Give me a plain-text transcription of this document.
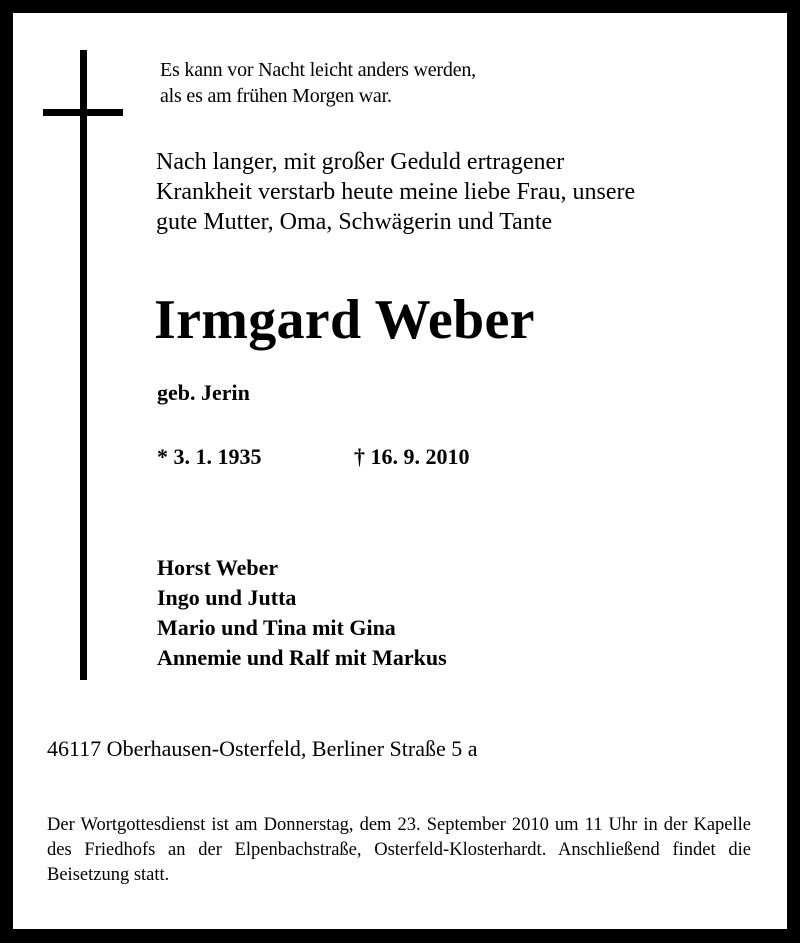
Es kann vor Nacht leicht anders werden,
als es am frühen Morgen war.
Nach langer, mit großer Geduld ertragener
Krankheit verstarb heute meine liebe Frau, unsere
gute Mutter, Oma, Schwägerin und Tante
Irmgard Weber
geb. Jerin
* 3. 1. 1935	† 16. 9. 2010
Horst Weber
Ingo und Jutta
Mario und Tina mit Gina
Annemie und Ralf mit Markus
46117 Oberhausen-Osterfeld, Berliner Straße 5 a
Der Wortgottesdienst ist am Donnerstag, dem 23. September 2010 um 11 Uhr in der Kapelle des Friedhofs an der Elpenbachstraße, Osterfeld-Klosterhardt. Anschließend findet die Beisetzung statt.
